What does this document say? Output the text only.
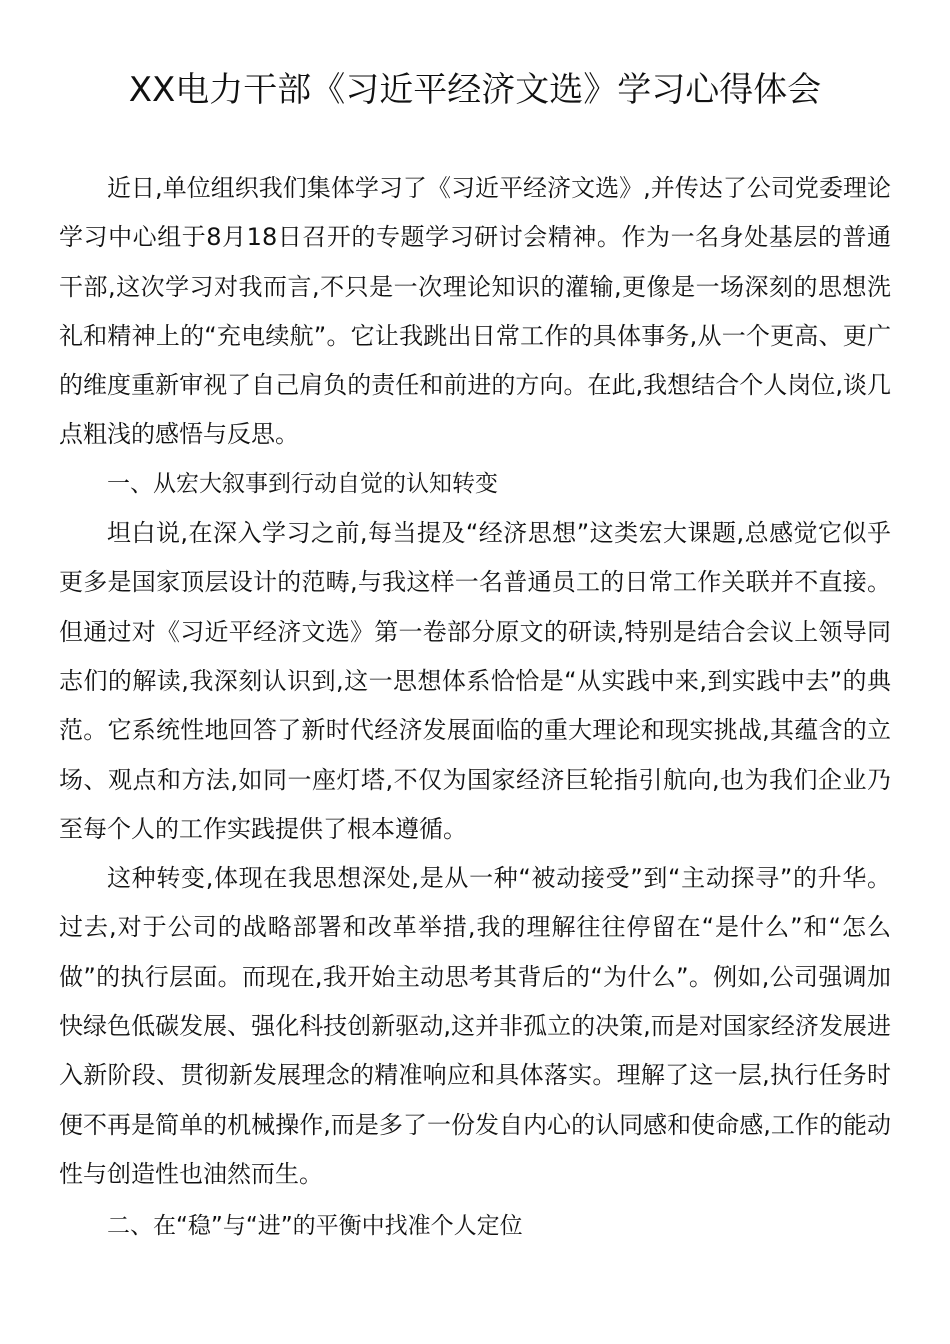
XX电力干部《习近平经济文选》学习心得体会

近日,单位组织我们集体学习了《习近平经济文选》,并传达了公司党委理论学习中心组于8月18日召开的专题学习研讨会精神。作为一名身处基层的普通干部,这次学习对我而言,不只是一次理论知识的灌输,更像是一场深刻的思想洗礼和精神上的“充电续航”。它让我跳出日常工作的具体事务,从一个更高、更广的维度重新审视了自己肩负的责任和前进的方向。在此,我想结合个人岗位,谈几点粗浅的感悟与反思。

一、从宏大叙事到行动自觉的认知转变

坦白说,在深入学习之前,每当提及“经济思想”这类宏大课题,总感觉它似乎更多是国家顶层设计的范畴,与我这样一名普通员工的日常工作关联并不直接。但通过对《习近平经济文选》第一卷部分原文的研读,特别是结合会议上领导同志们的解读,我深刻认识到,这一思想体系恰恰是“从实践中来,到实践中去”的典范。它系统性地回答了新时代经济发展面临的重大理论和现实挑战,其蕴含的立场、观点和方法,如同一座灯塔,不仅为国家经济巨轮指引航向,也为我们企业乃至每个人的工作实践提供了根本遵循。

这种转变,体现在我思想深处,是从一种“被动接受”到“主动探寻”的升华。过去,对于公司的战略部署和改革举措,我的理解往往停留在“是什么”和“怎么做”的执行层面。而现在,我开始主动思考其背后的“为什么”。例如,公司强调加快绿色低碳发展、强化科技创新驱动,这并非孤立的决策,而是对国家经济发展进入新阶段、贯彻新发展理念的精准响应和具体落实。理解了这一层,执行任务时便不再是简单的机械操作,而是多了一份发自内心的认同感和使命感,工作的能动性与创造性也油然而生。

二、在“稳”与“进”的平衡中找准个人定位
